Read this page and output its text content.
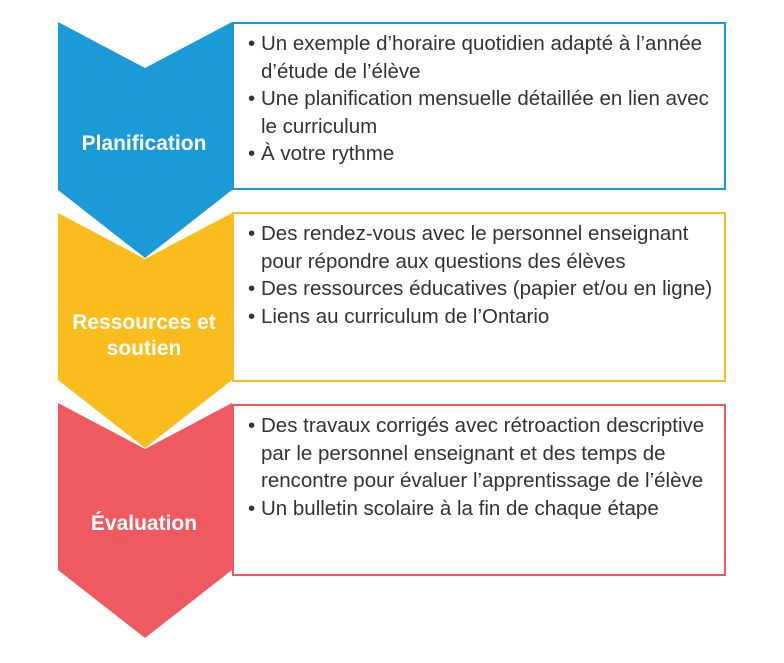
Planification
Ressources et soutien
Évaluation
• Un exemple d’horaire quotidien adapté à l’année d’étude de l’élève
• Une planification mensuelle détaillée en lien avec le curriculum
• À votre rythme
• Des rendez-vous avec le personnel enseignant pour répondre aux questions des élèves
• Des ressources éducatives (papier et/ou en ligne)
• Liens au curriculum de l’Ontario
• Des travaux corrigés avec rétroaction descriptive par le personnel enseignant et des temps de rencontre pour évaluer l’apprentissage de l’élève
• Un bulletin scolaire à la fin de chaque étape
